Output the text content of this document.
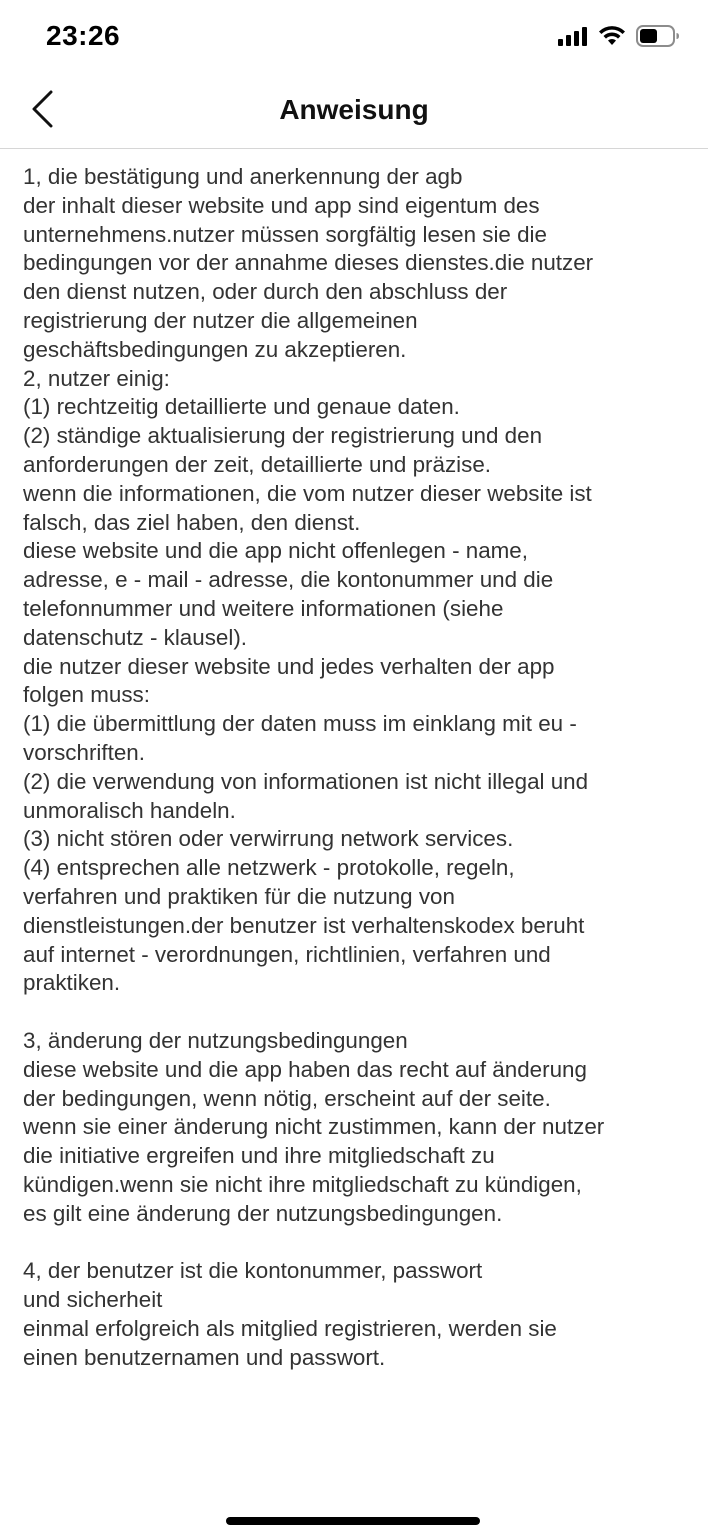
23:26
Anweisung
1, die bestätigung und anerkennung der agb
der inhalt dieser website und app sind eigentum des
unternehmens.nutzer müssen sorgfältig lesen sie die
bedingungen vor der annahme dieses dienstes.die nutzer
den dienst nutzen, oder durch den abschluss der
registrierung der nutzer die allgemeinen
geschäftsbedingungen zu akzeptieren.
2, nutzer einig:
(1) rechtzeitig detaillierte und genaue daten.
(2) ständige aktualisierung der registrierung und den
anforderungen der zeit, detaillierte und präzise.
wenn die informationen, die vom nutzer dieser website ist
falsch, das ziel haben, den dienst.
diese website und die app nicht offenlegen - name,
adresse, e - mail - adresse, die kontonummer und die
telefonnummer und weitere informationen (siehe
datenschutz - klausel).
die nutzer dieser website und jedes verhalten der app
folgen muss:
(1) die übermittlung der daten muss im einklang mit eu -
vorschriften.
(2) die verwendung von informationen ist nicht illegal und
unmoralisch handeln.
(3) nicht stören oder verwirrung network services.
(4) entsprechen alle netzwerk - protokolle, regeln,
verfahren und praktiken für die nutzung von
dienstleistungen.der benutzer ist verhaltenskodex beruht
auf internet - verordnungen, richtlinien, verfahren und
praktiken.
3, änderung der nutzungsbedingungen
diese website und die app haben das recht auf änderung
der bedingungen, wenn nötig, erscheint auf der seite.
wenn sie einer änderung nicht zustimmen, kann der nutzer
die initiative ergreifen und ihre mitgliedschaft zu
kündigen.wenn sie nicht ihre mitgliedschaft zu kündigen,
es gilt eine änderung der nutzungsbedingungen.
4, der benutzer ist die kontonummer, passwort
und sicherheit
einmal erfolgreich als mitglied registrieren, werden sie
einen benutzernamen und passwort.
